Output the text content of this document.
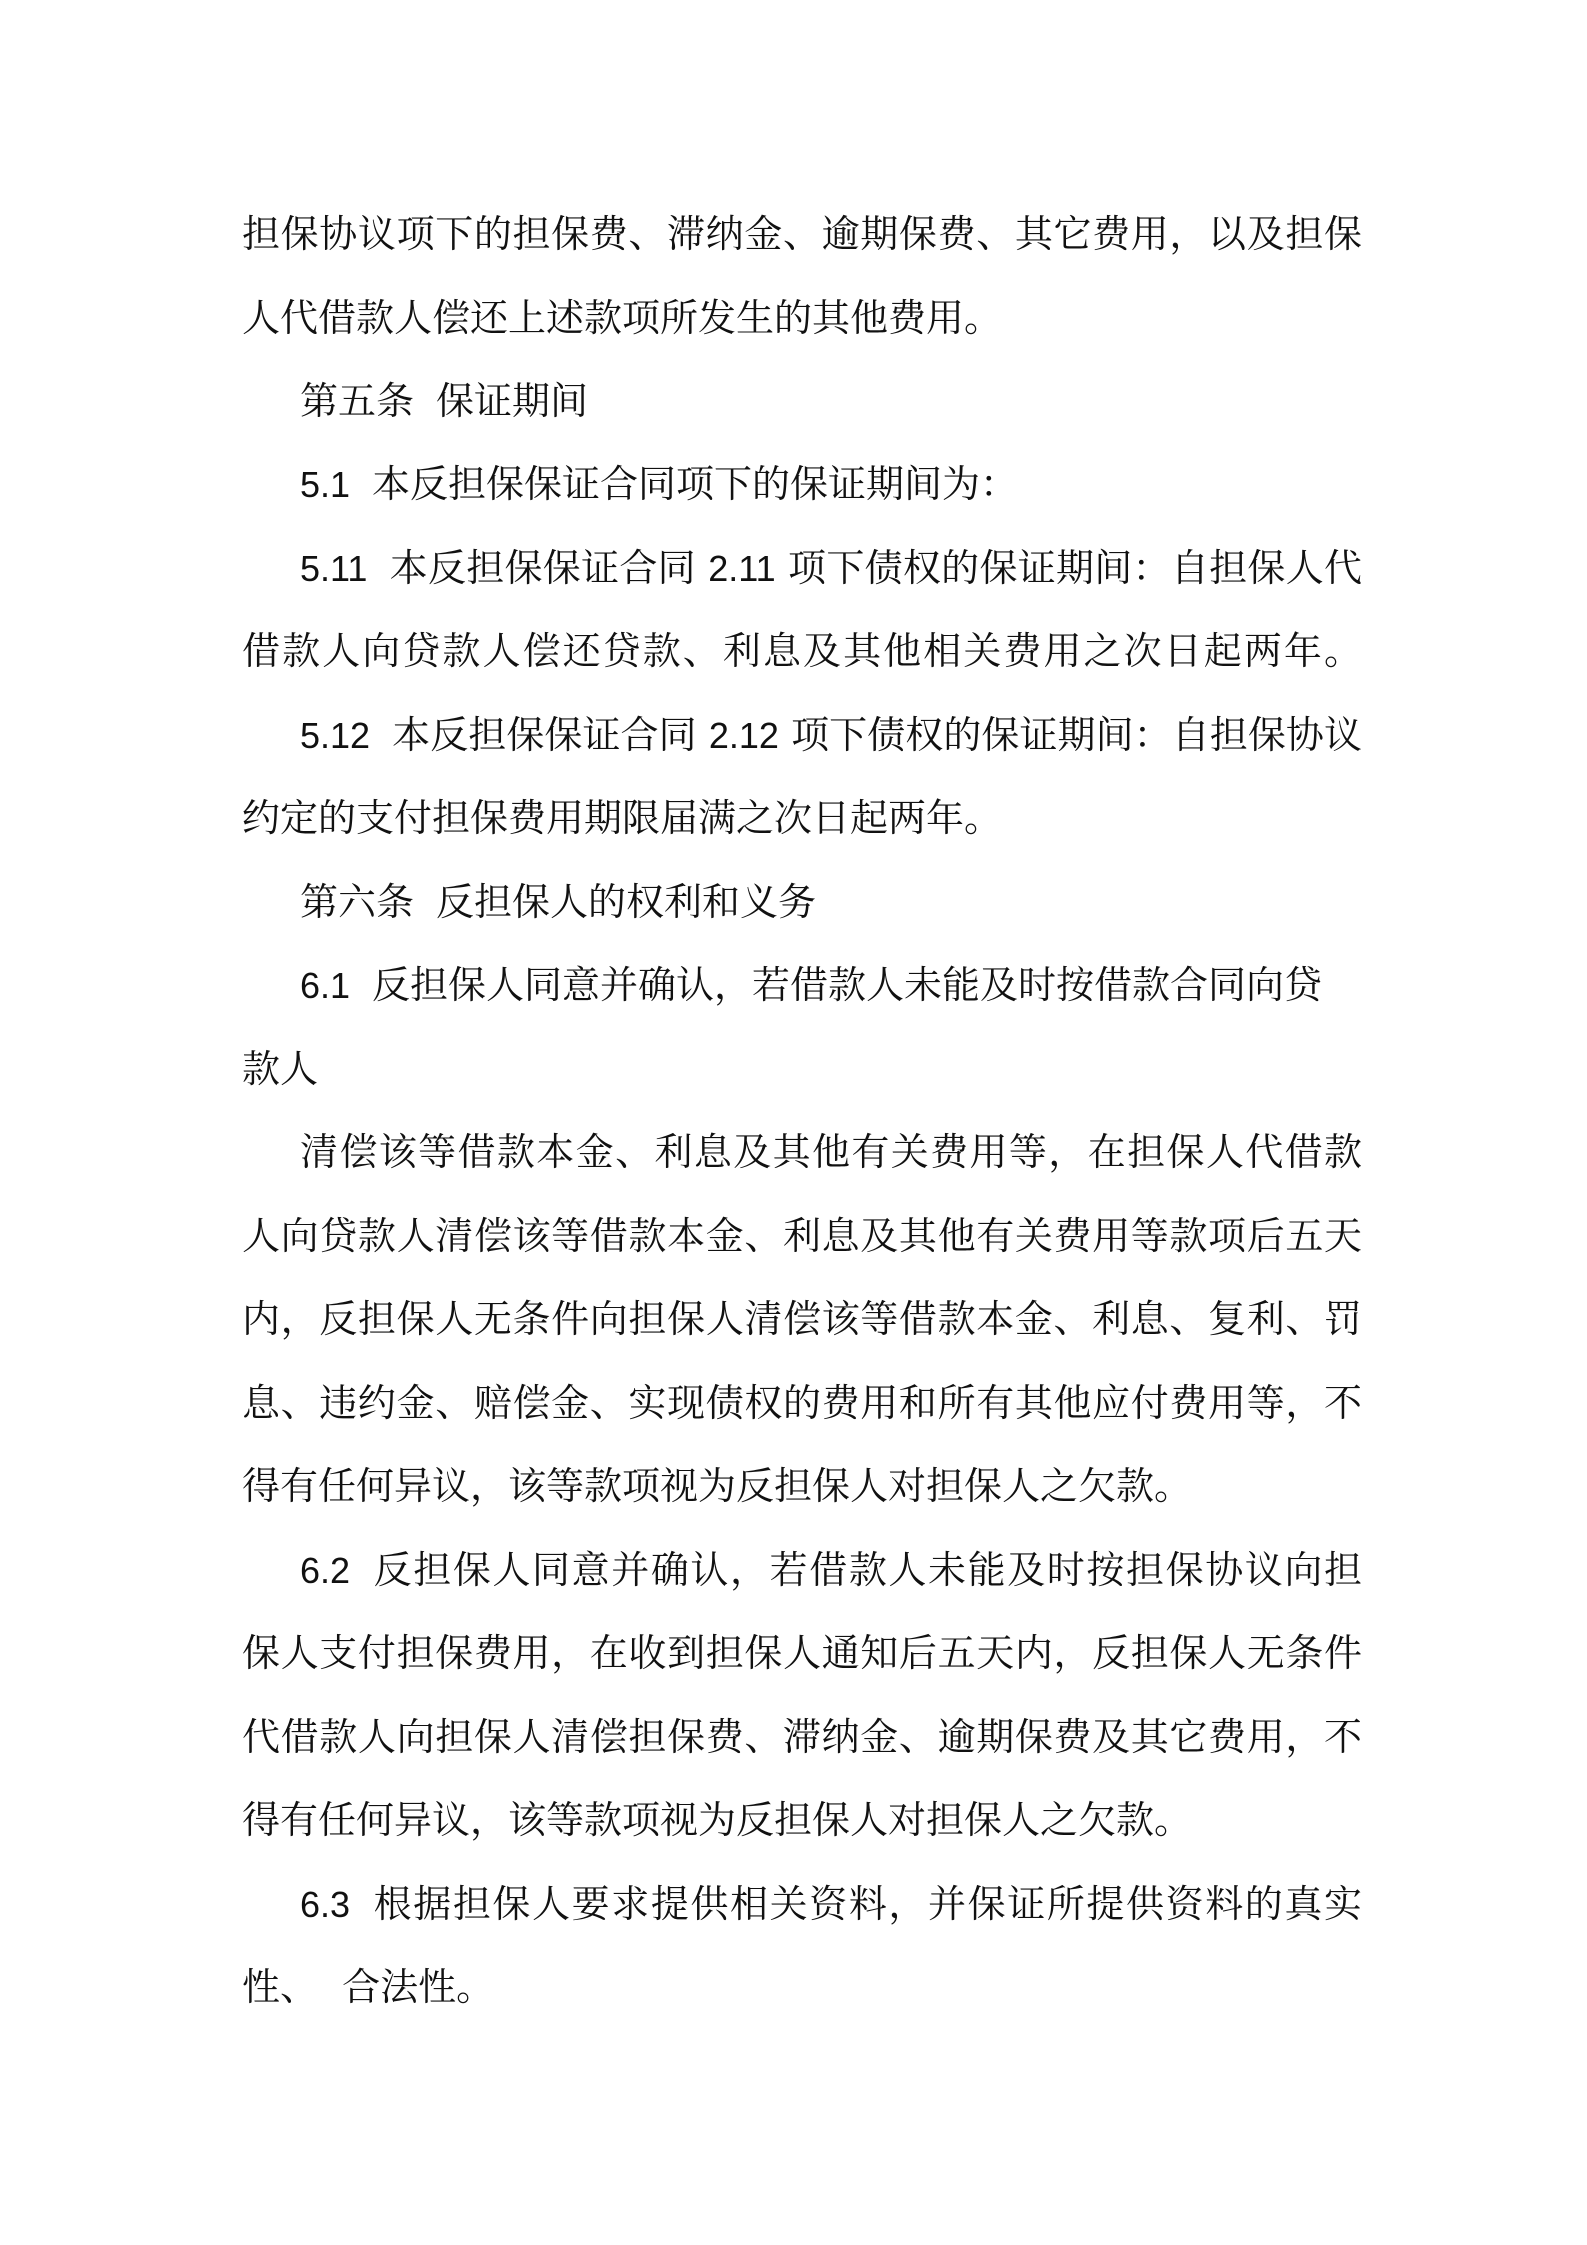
担保协议项下的担保费、滞纳金、逾期保费、其它费用，以及担保

人代借款人偿还上述款项所发生的其他费用。

第五条 保证期间

5.1 本反担保保证合同项下的保证期间为：

5.11 本反担保保证合同 2.11 项下债权的保证期间：自担保人代

借款人向贷款人偿还贷款、利息及其他相关费用之次日起两年。

5.12 本反担保保证合同 2.12 项下债权的保证期间：自担保协议

约定的支付担保费用期限届满之次日起两年。

第六条 反担保人的权利和义务

6.1 反担保人同意并确认，若借款人未能及时按借款合同向贷

款人

清偿该等借款本金、利息及其他有关费用等，在担保人代借款

人向贷款人清偿该等借款本金、利息及其他有关费用等款项后五天

内，反担保人无条件向担保人清偿该等借款本金、利息、复利、罚

息、违约金、赔偿金、实现债权的费用和所有其他应付费用等，不

得有任何异议，该等款项视为反担保人对担保人之欠款。

6.2 反担保人同意并确认，若借款人未能及时按担保协议向担

保人支付担保费用，在收到担保人通知后五天内，反担保人无条件

代借款人向担保人清偿担保费、滞纳金、逾期保费及其它费用，不

得有任何异议，该等款项视为反担保人对担保人之欠款。

6.3 根据担保人要求提供相关资料，并保证所提供资料的真实

性、  合法性。
